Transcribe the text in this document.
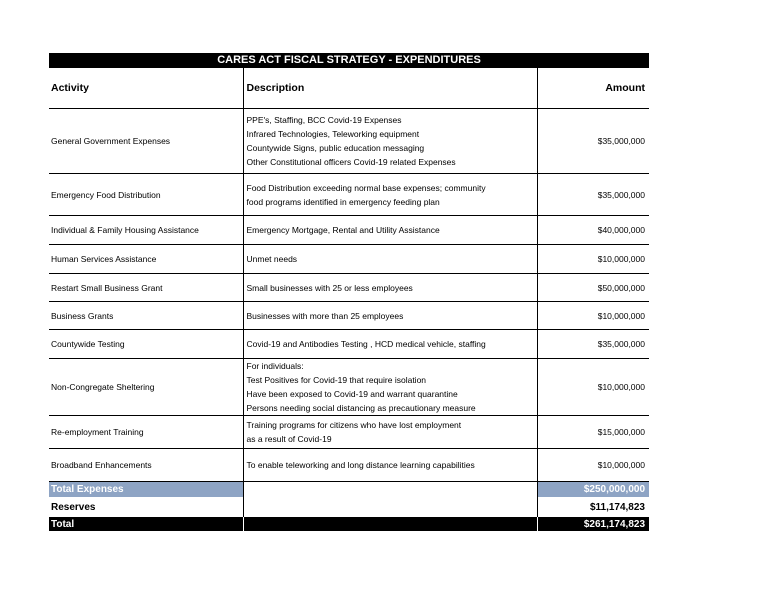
CARES ACT FISCAL STRATEGY - EXPENDITURES
Activity	Description	Amount
General Government Expenses	PPE's, Staffing, BCC Covid-19 Expenses
Infrared Technologies, Teleworking equipment
Countywide Signs, public education messaging
Other Constitutional officers Covid-19 related Expenses	$35,000,000
Emergency Food Distribution	Food Distribution exceeding normal base expenses; community
food programs identified in emergency feeding plan	$35,000,000
Individual & Family Housing Assistance	Emergency Mortgage, Rental and Utility Assistance	$40,000,000
Human Services Assistance	Unmet needs	$10,000,000
Restart Small Business Grant	Small businesses with 25 or less employees	$50,000,000
Business Grants	Businesses with more than 25 employees	$10,000,000
Countywide Testing	Covid-19 and Antibodies Testing , HCD medical vehicle, staffing	$35,000,000
Non-Congregate Sheltering	For individuals:
Test Positives for Covid-19 that require isolation
Have been exposed to Covid-19 and warrant quarantine
Persons needing social distancing as precautionary measure	$10,000,000
Re-employment Training	Training programs for citizens who have lost employment
as a result of Covid-19	$15,000,000
Broadband Enhancements	To enable teleworking and long distance learning capabilities	$10,000,000
Total Expenses		$250,000,000
Reserves		$11,174,823
Total		$261,174,823
